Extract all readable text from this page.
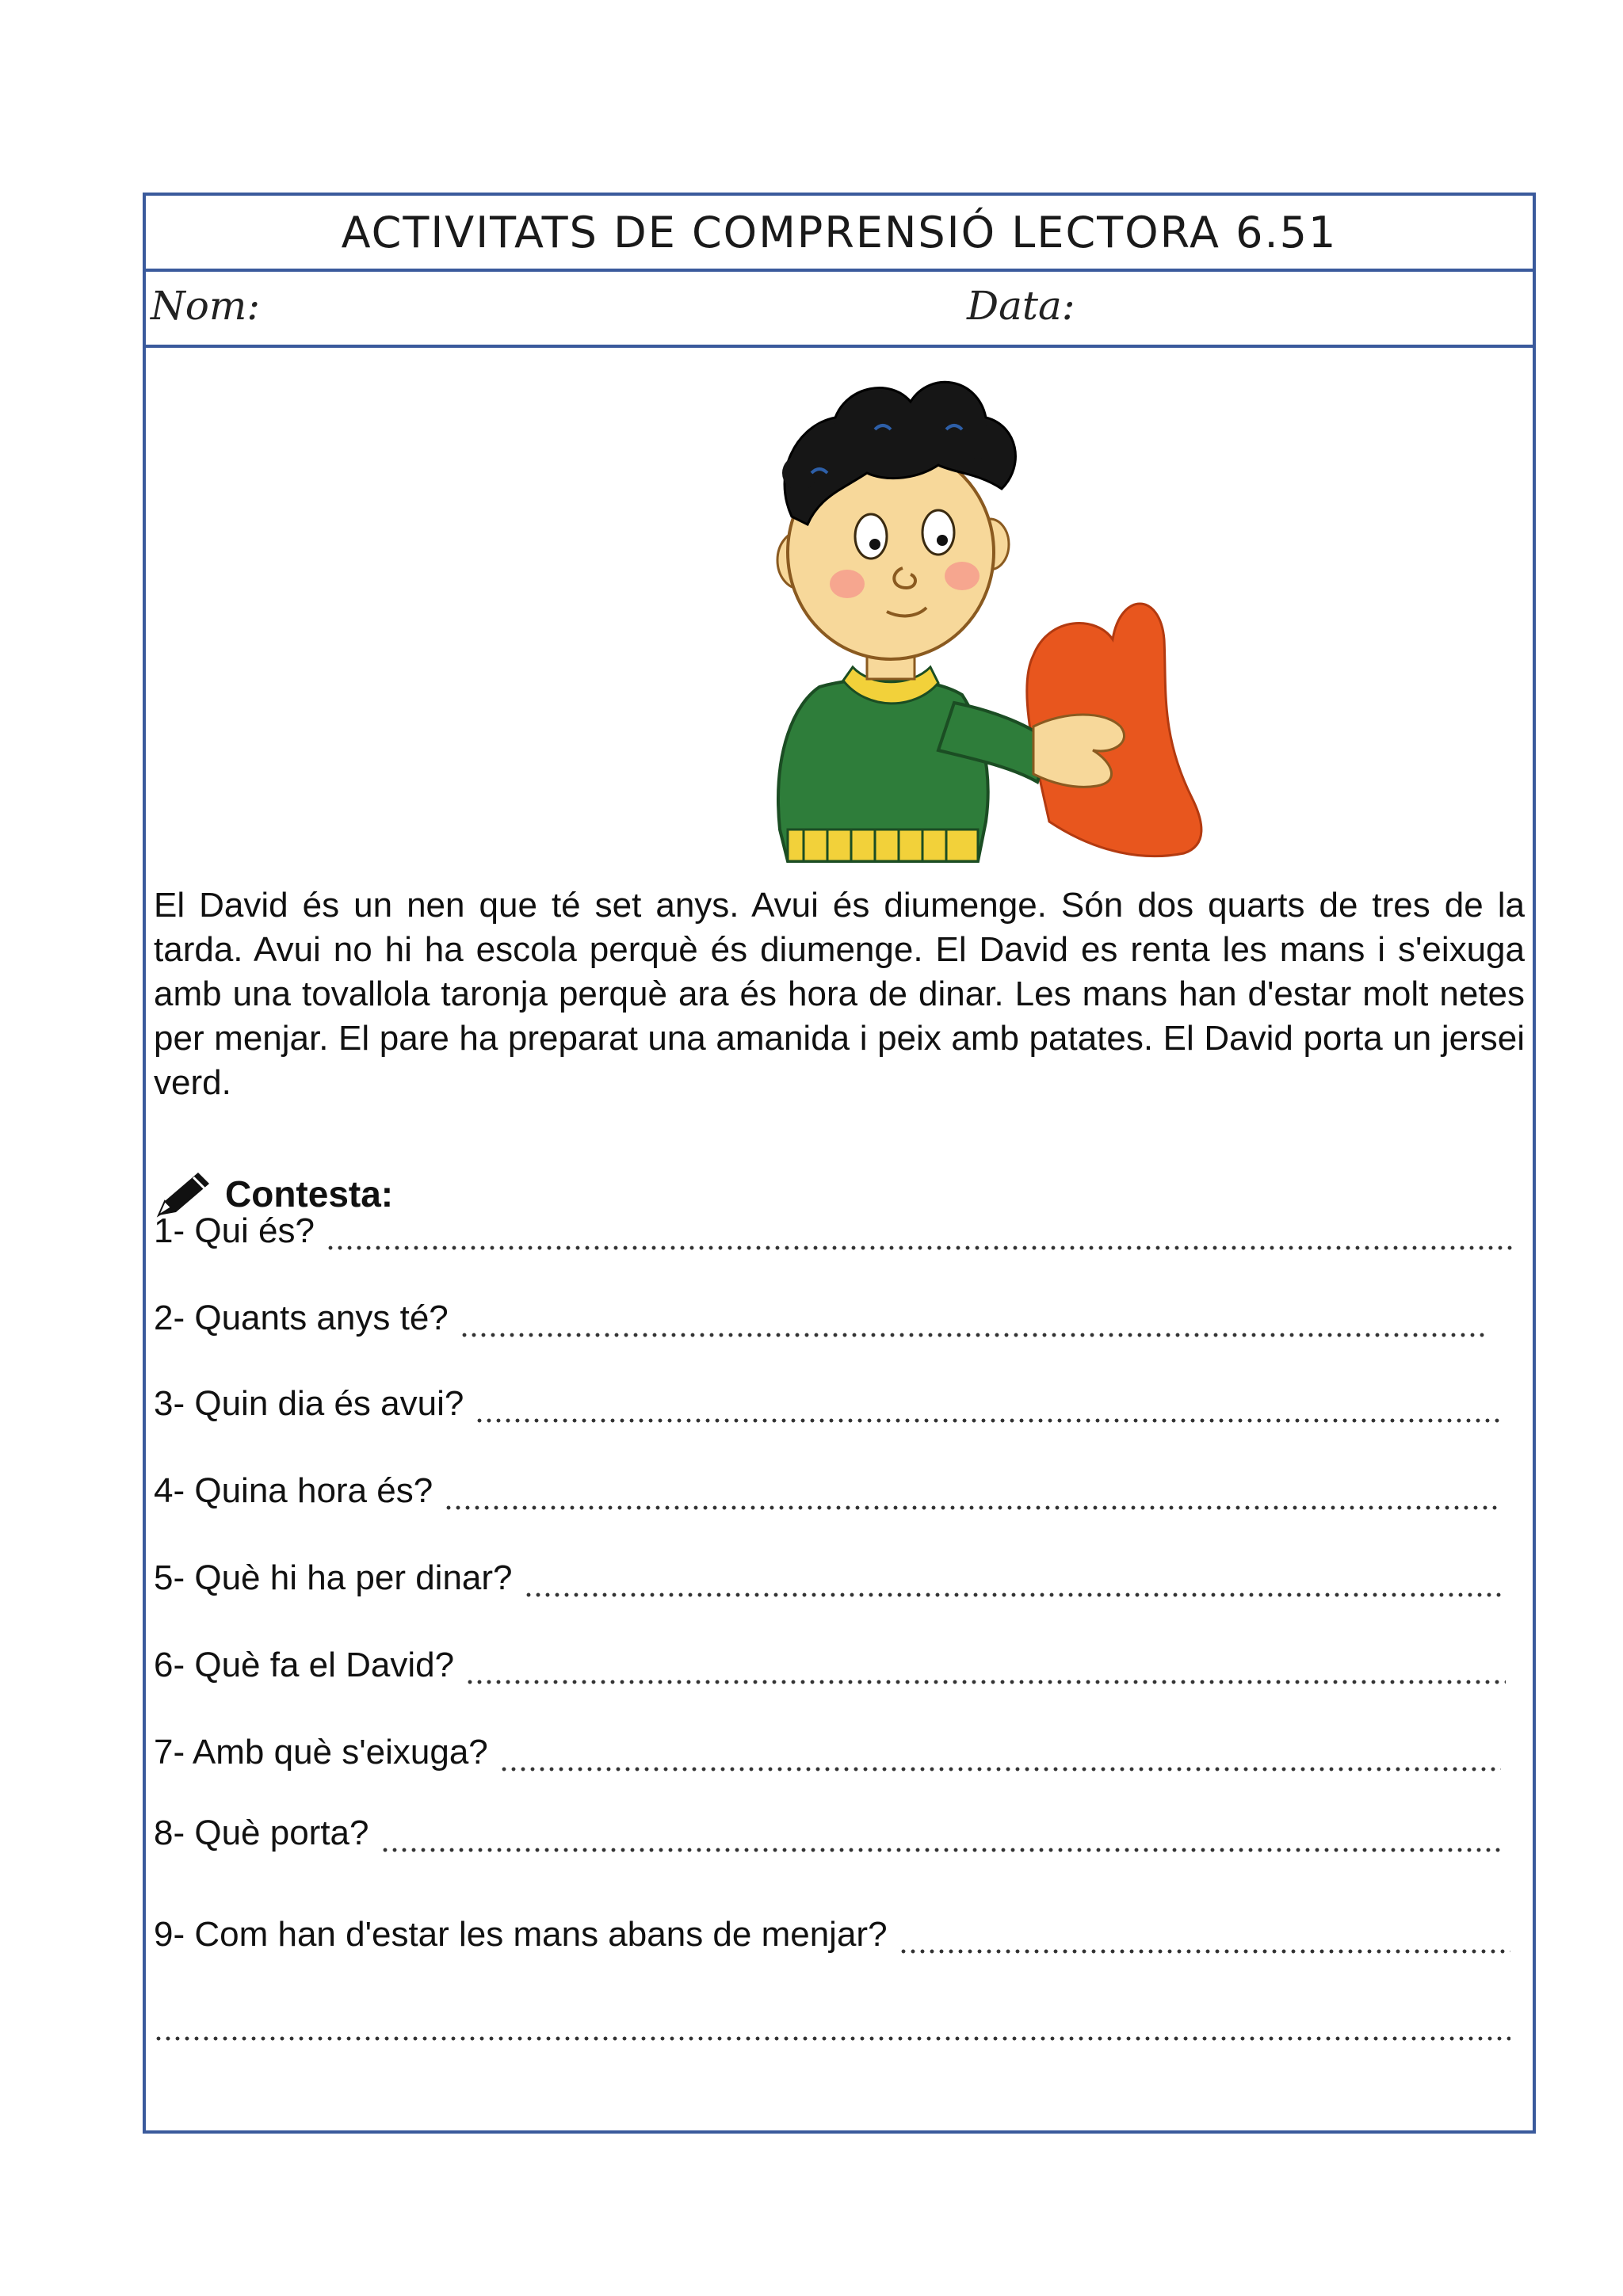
ACTIVITATS DE COMPRENSIÓ LECTORA 6.51
Nom:	Data:
El David és un nen que té set anys. Avui és diumenge. Són dos quarts de tres de la tarda. Avui no hi ha escola perquè és diumenge. El David es renta les mans i s'eixuga amb una tovallola taronja perquè ara és hora de dinar. Les mans han d'estar molt netes per menjar. El pare ha preparat una amanida i peix amb patates. El David porta un jersei verd.
Contesta:
1- Qui és?
2- Quants anys té?
3- Quin dia és avui?
4- Quina hora és?
5- Què hi ha per dinar?
6- Què fa el David?
7- Amb què s'eixuga?
8- Què porta?
9- Com han d'estar les mans abans de menjar?
